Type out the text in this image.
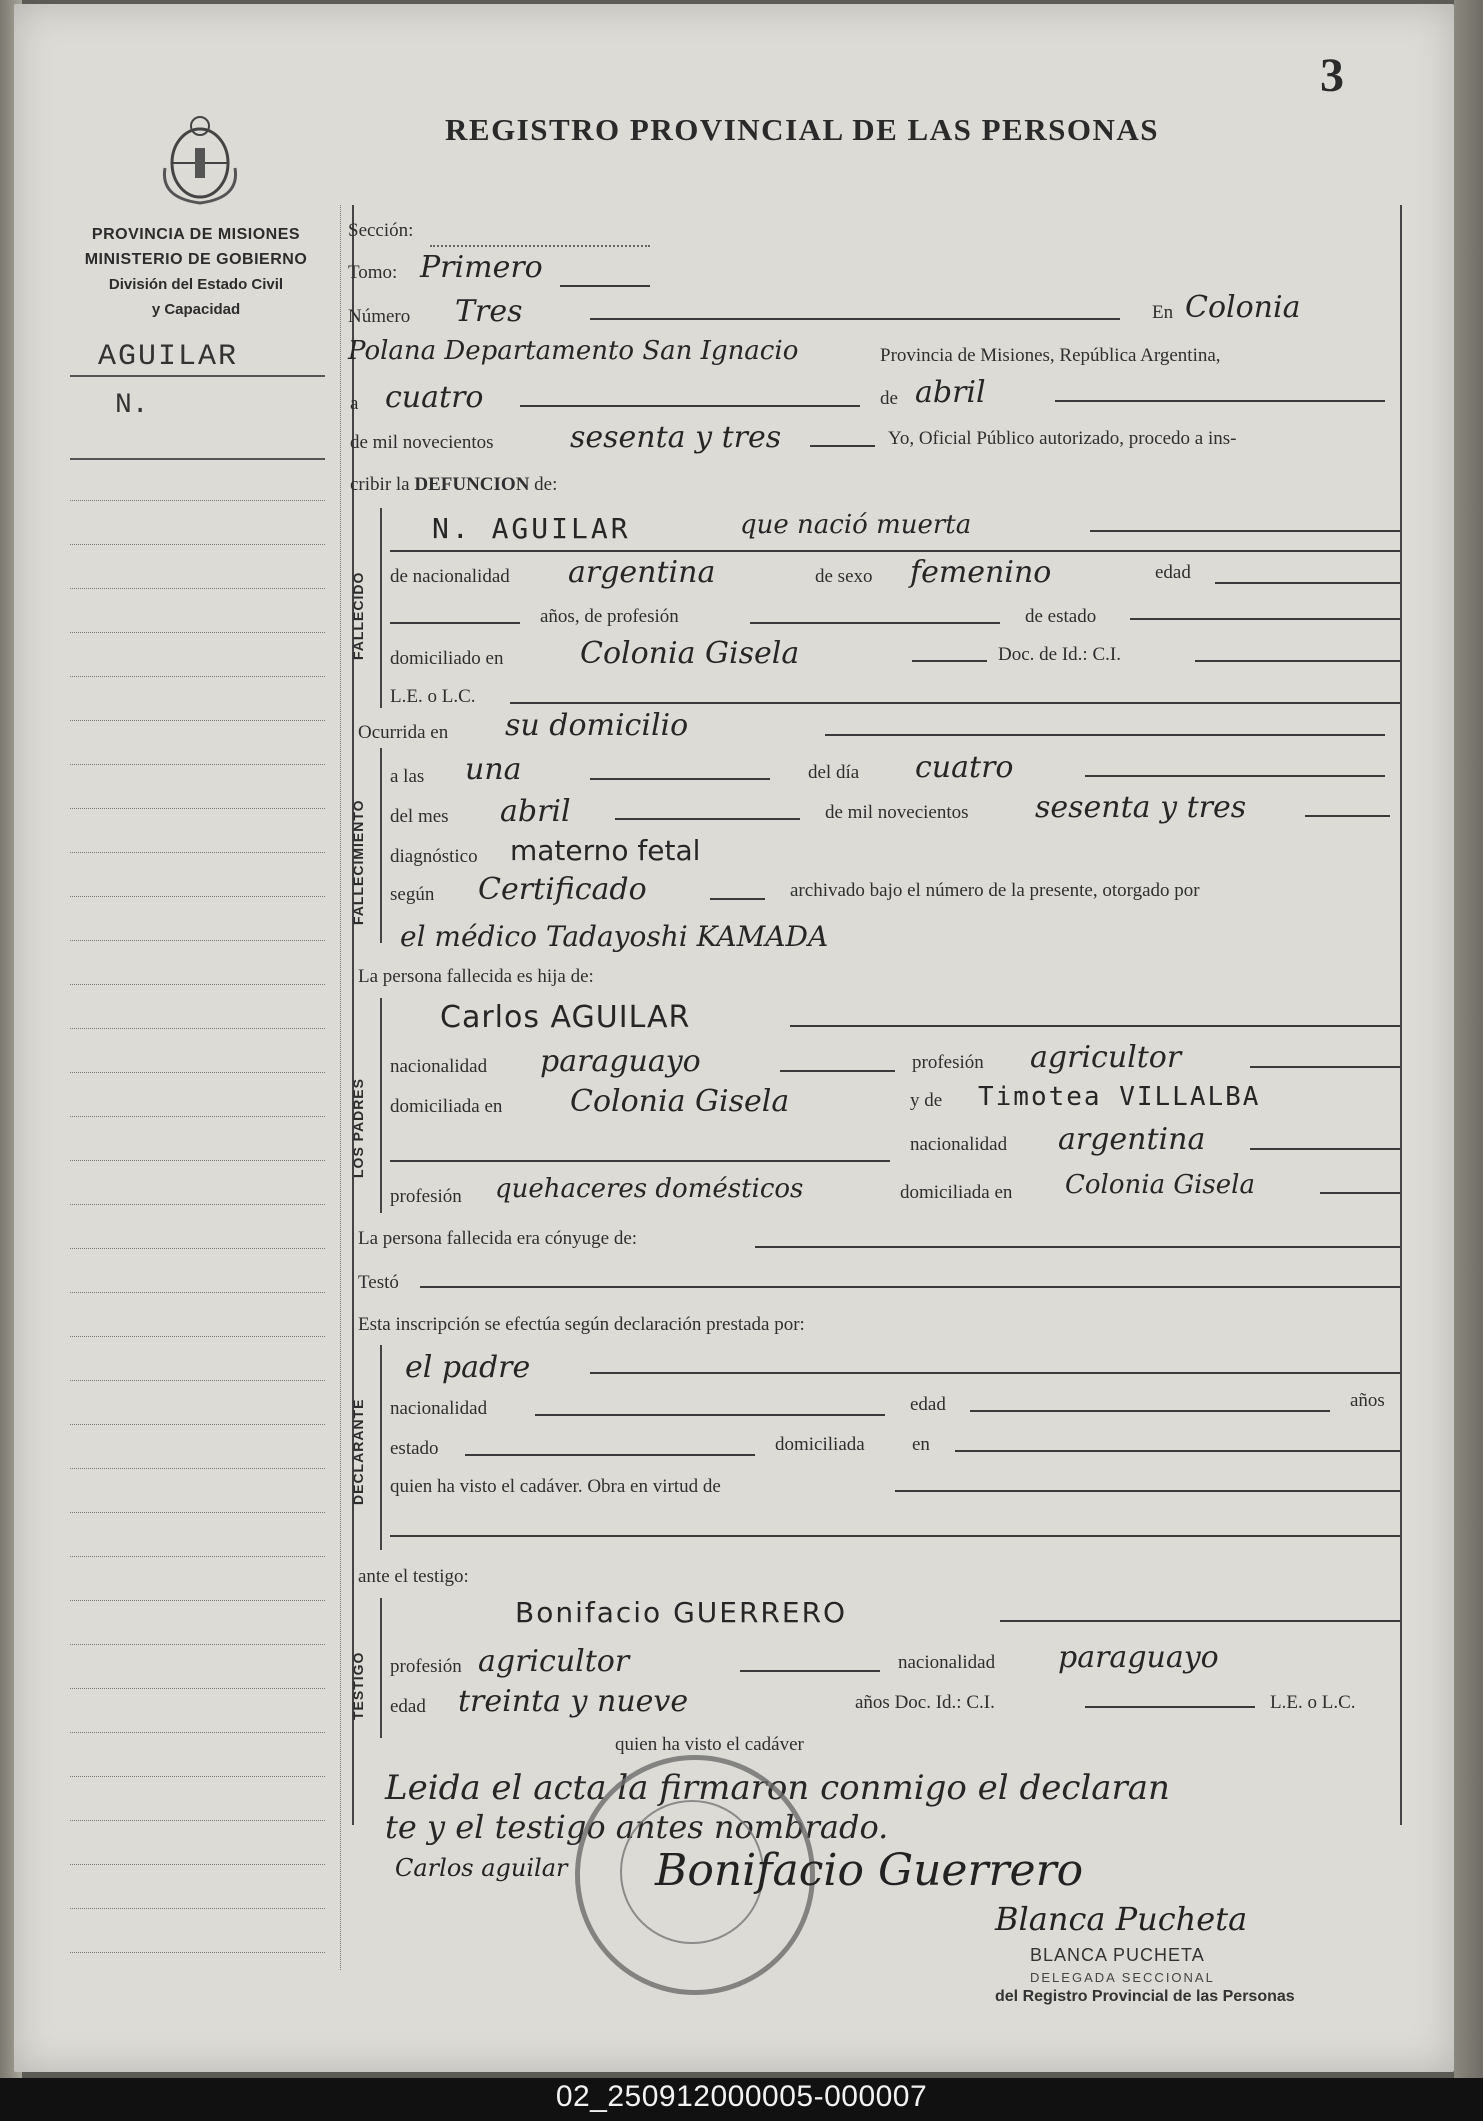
3
REGISTRO PROVINCIAL DE LAS PERSONAS
PROVINCIA DE MISIONES
MINISTERIO DE GOBIERNO
División del Estado Civil
y Capacidad
AGUILAR
N.
Sección:
Tomo: Primero
Número Tres	En Colonia
Polana Departamento San Ignacio	Provincia de Misiones, República Argentina,
a cuatro	de abril
de mil novecientos	sesenta y tres	Yo, Oficial Público autorizado, procedo a ins-
cribir la DEFUNCION de:
FALLECIDO
N. AGUILAR	que nació muerta
de nacionalidad argentina	de sexo femenino	edad
años, de profesión	de estado
domiciliado en	Colonia Gisela	Doc. de Id.: C.I.
L.E. o L.C.
Ocurrida en su domicilio
FALLECIMIENTO
a las una	del día cuatro
del mes abril	de mil novecientos sesenta y tres
diagnóstico materno fetal
según Certificado	archivado bajo el número de la presente, otorgado por
el médico Tadayoshi KAMADA
La persona fallecida es hija de:
LOS PADRES
Carlos AGUILAR
nacionalidad paraguayo	profesión agricultor
domiciliada en Colonia Gisela	y de Timotea VILLALBA
nacionalidad argentina
profesión quehaceres domésticos	domiciliada en Colonia Gisela
La persona fallecida era cónyuge de:
Testó
Esta inscripción se efectúa según declaración prestada por:
DECLARANTE
el padre
nacionalidad	edad	años
estado	domiciliada en
quien ha visto el cadáver. Obra en virtud de
ante el testigo:
TESTIGO
Bonifacio GUERRERO
profesión agricultor	nacionalidad paraguayo
edad treinta y nueve	años Doc. Id.: C.I.	L.E. o L.C.
quien ha visto el cadáver
Leida el acta la firmaron conmigo el declaran
te y el testigo antes nombrado.
Carlos aguilar Bonifacio Guerrero
Blanca Pucheta
BLANCA PUCHETA
DELEGADA SECCIONAL
del Registro Provincial de las Personas
02_250912000005-000007
